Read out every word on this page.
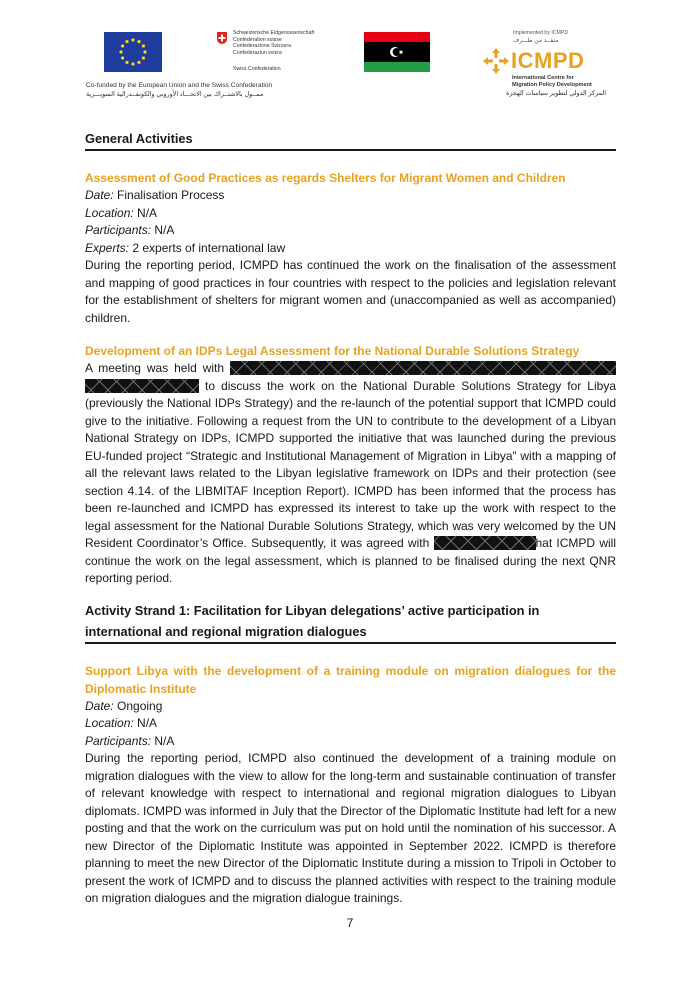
Schweizerische Eidgenossenschaft
Confédération suisse
Confederazione Svizzera
Confederaziun svizra
Swiss Confederation
Co-funded by the European Union and the Swiss Confederation
ممــول بالاشتــراك بين الاتحـــاد الأوروبي والكونفــدرالية السويـــرية
Implemented by ICMPD
منفــذ من طـــرف
ICMPD
International Centre for
Migration Policy Development
المركز الدولي لتطوير سياسات الهجرة
General Activities
Assessment of Good Practices as regards Shelters for Migrant Women and Children
Date: Finalisation Process
Location: N/A
Participants: N/A
Experts: 2 experts of international law

During the reporting period, ICMPD has continued the work on the finalisation of the assessment and mapping of good practices in four countries with respect to the policies and legislation relevant for the establishment of shelters for migrant women and (unaccompanied as well as accompanied) children.

Development of an IDPs Legal Assessment for the National Durable Solutions Strategy

A meeting was held with   to discuss the work on the National Durable Solutions Strategy for Libya (previously the National IDPs Strategy) and the re-launch of the potential support that ICMPD could give to the initiative. Following a request from the UN to contribute to the development of a Libyan National Strategy on IDPs, ICMPD supported the initiative that was launched during the previous EU-funded project “Strategic and Institutional Management of Migration in Libya” with a mapping of all the relevant laws related to the Libyan legislative framework on IDPs and their protection (see section 4.14. of the LIBMITAF Inception Report). ICMPD has been informed that the process has been re-launched and ICMPD has expressed its interest to take up the work with respect to the legal assessment for the National Durable Solutions Strategy, which was very welcomed by the UN Resident Coordinator’s Office. Subsequently, it was agreed with	hat ICMPD will continue the work on the legal assessment, which is planned to be finalised during the next QNR reporting period.

Activity Strand 1: Facilitation for Libyan delegations’ active participation in international and regional migration dialogues
Support Libya with the development of a training module on migration dialogues for the Diplomatic Institute
Date: Ongoing
Location: N/A
Participants: N/A

During the reporting period, ICMPD also continued the development of a training module on migration dialogues with the view to allow for the long-term and sustainable continuation of transfer of relevant knowledge with respect to international and regional migration dialogues to Libyan diplomats. ICMPD was informed in July that the Director of the Diplomatic Institute had left for a new posting and that the work on the curriculum was put on hold until the nomination of his successor. A new Director of the Diplomatic Institute was appointed in September 2022. ICMPD is therefore planning to meet the new Director of the Diplomatic Institute during a mission to Tripoli in October to present the work of ICMPD and to discuss the planned activities with respect to the training module on migration dialogues and the migration dialogue trainings.

7
